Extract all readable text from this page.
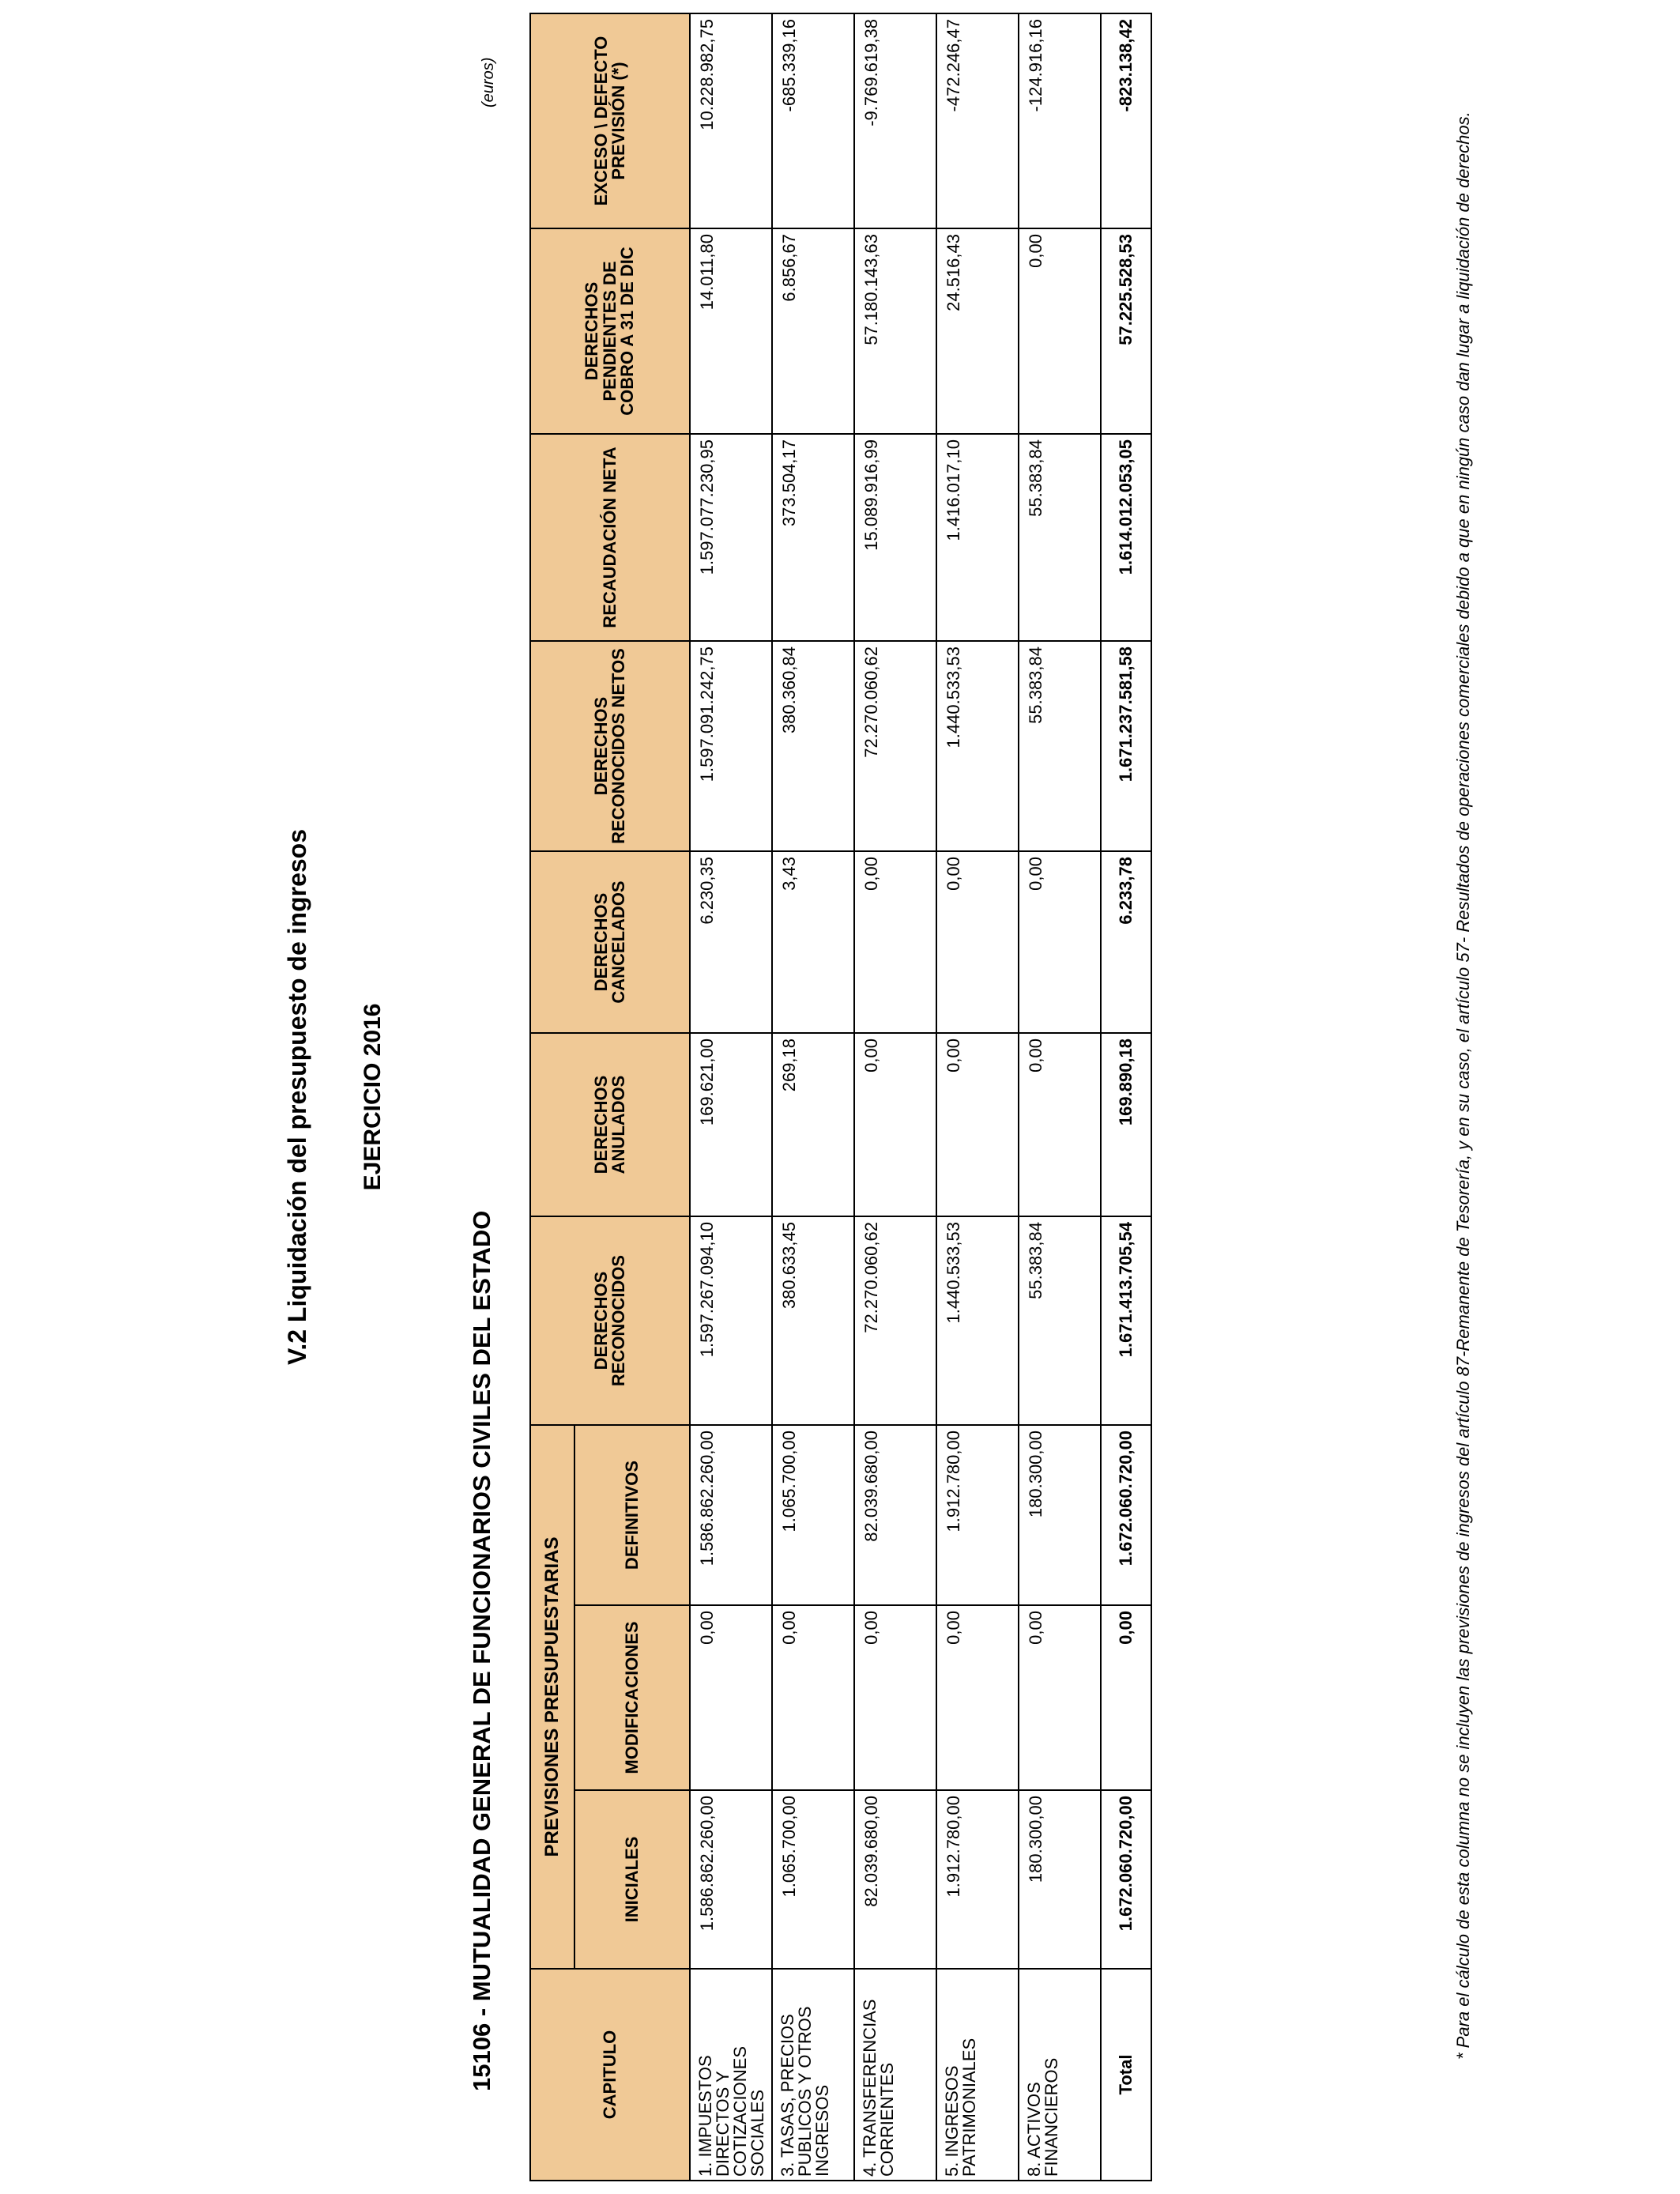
V.2 Liquidación del presupuesto de ingresos EJERCICIO 2016
15106 - MUTUALIDAD GENERAL DE FUNCIONARIOS CIVILES DEL ESTADO
(euros)
CAPITULO	PREVISIONES PRESUPUESTARIAS			DERECHOS RECONOCIDOS	DERECHOS ANULADOS	DERECHOS CANCELADOS	DERECHOS RECONOCIDOS NETOS	RECAUDACIÓN NETA	DERECHOS PENDIENTES DE COBRO A 31 DE DIC	EXCESO \ DEFECTO PREVISIÓN (*)
	INICIALES	MODIFICACIONES	DEFINITIVOS							
1. IMPUESTOS DIRECTOS Y COTIZACIONES SOCIALES	1.586.862.260,00	0,00	1.586.862.260,00	1.597.267.094,10	169.621,00	6.230,35	1.597.091.242,75	1.597.077.230,95	14.011,80	10.228.982,75
3. TASAS, PRECIOS PUBLICOS Y OTROS INGRESOS	1.065.700,00	0,00	1.065.700,00	380.633,45	269,18	3,43	380.360,84	373.504,17	6.856,67	-685.339,16
4. TRANSFERENCIAS CORRIENTES	82.039.680,00	0,00	82.039.680,00	72.270.060,62	0,00	0,00	72.270.060,62	15.089.916,99	57.180.143,63	-9.769.619,38
5. INGRESOS PATRIMONIALES	1.912.780,00	0,00	1.912.780,00	1.440.533,53	0,00	0,00	1.440.533,53	1.416.017,10	24.516,43	-472.246,47
8. ACTIVOS FINANCIEROS	180.300,00	0,00	180.300,00	55.383,84	0,00	0,00	55.383,84	55.383,84	0,00	-124.916,16
Total	1.672.060.720,00	0,00	1.672.060.720,00	1.671.413.705,54	169.890,18	6.233,78	1.671.237.581,58	1.614.012.053,05	57.225.528,53	-823.138,42
* Para el cálculo de esta columna no se incluyen las previsiones de ingresos del artículo 87-Remanente de Tesorería, y en su caso, el artículo 57- Resultados de operaciones comerciales debido a que en ningún caso dan lugar a liquidación de derechos.
